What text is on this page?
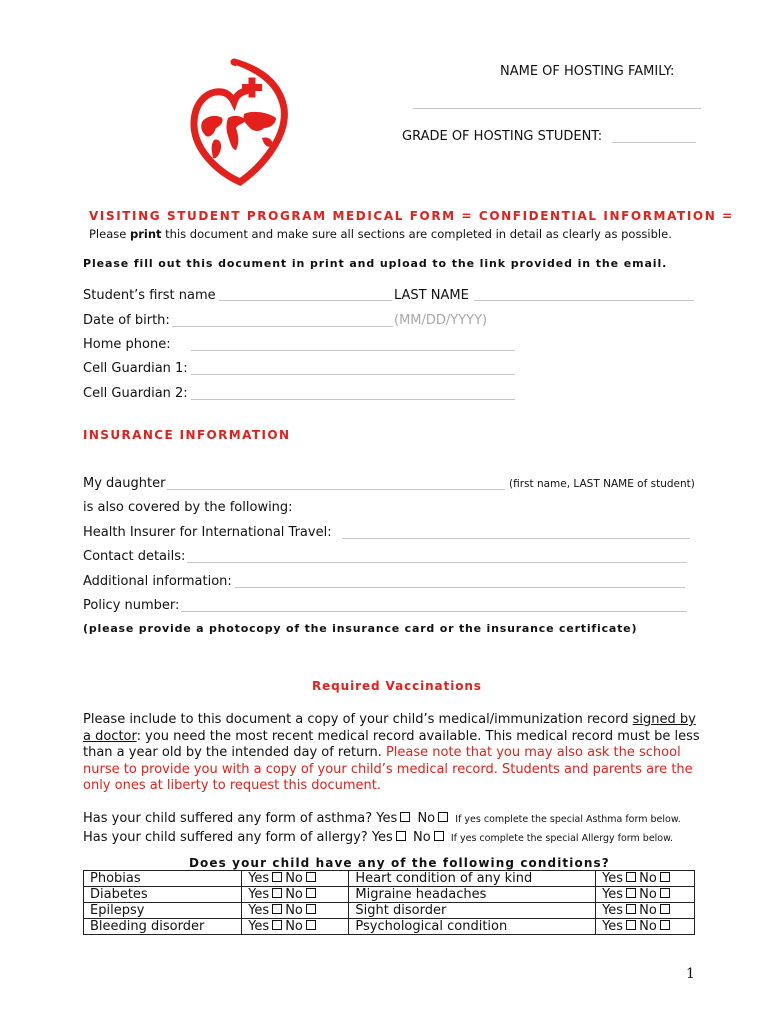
NAME OF HOSTING FAMILY:
GRADE OF HOSTING STUDENT:
VISITING STUDENT PROGRAM MEDICAL FORM = CONFIDENTIAL INFORMATION =
Please print this document and make sure all sections are completed in detail as clearly as possible.
Please fill out this document in print and upload to the link provided in the email.
Student’s first name	LAST NAME
Date of birth:	(MM/DD/YYYY)
Home phone:
Cell Guardian 1:
Cell Guardian 2:
INSURANCE INFORMATION
My daughter	(first name, LAST NAME of student)
is also covered by the following:
Health Insurer for International Travel:
Contact details:
Additional information:
Policy number:
(please provide a photocopy of the insurance card or the insurance certificate)
Required Vaccinations
Please include to this document a copy of your child’s medical/immunization record signed by a doctor: you need the most recent medical record available. This medical record must be less than a year old by the intended day of return. Please note that you may also ask the school nurse to provide you with a copy of your child’s medical record. Students and parents are the only ones at liberty to request this document.
Has your child suffered any form of asthma? Yes No If yes complete the special Asthma form below.
Has your child suffered any form of allergy? Yes No If yes complete the special Allergy form below.
Does your child have any of the following conditions?
Phobias	Yes No	Heart condition of any kind	Yes No
Diabetes	Yes No	Migraine headaches	Yes No
Epilepsy	Yes No	Sight disorder	Yes No
Bleeding disorder	Yes No	Psychological condition	Yes No
1
